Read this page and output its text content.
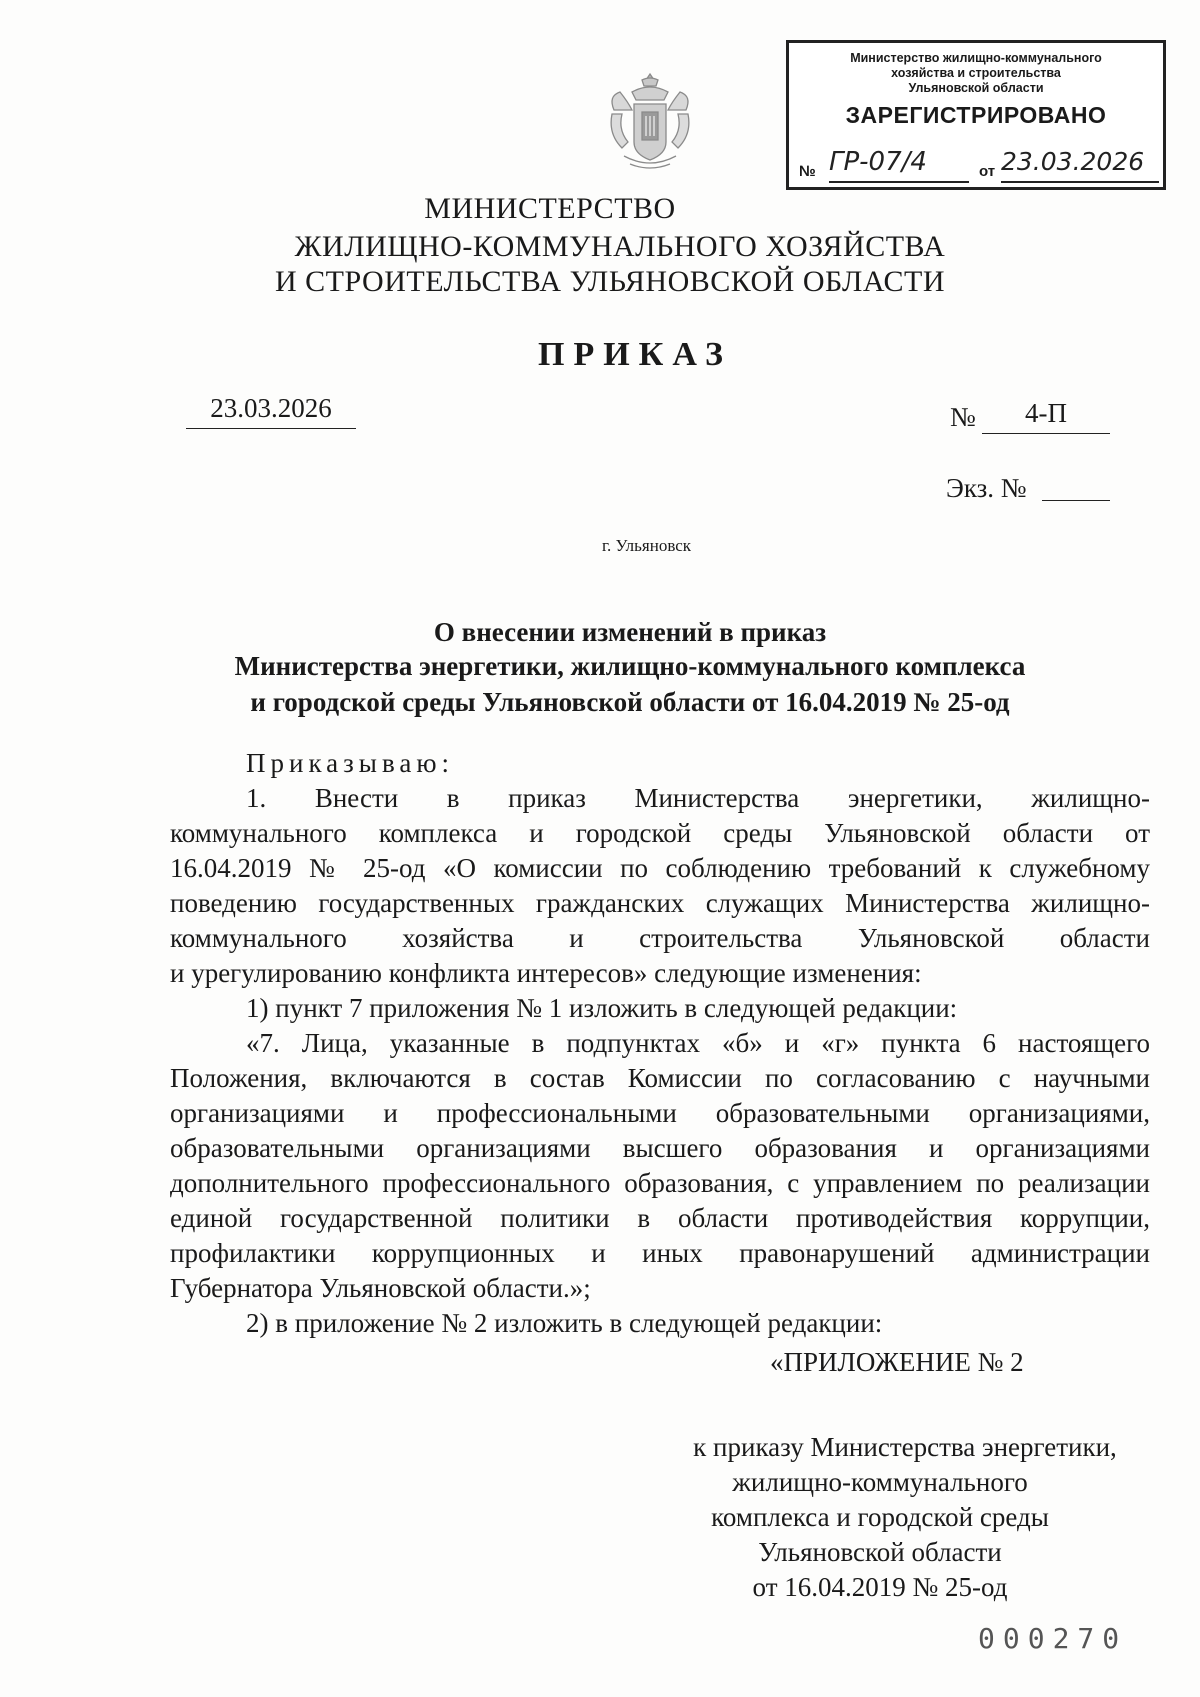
Министерство жилищно-коммунального
хозяйства и строительства
Ульяновской области
ЗАРЕГИСТРИРОВАНО
№ ГР-07/4	от 23.03.2026
МИНИСТЕРСТВО
ЖИЛИЩНО-КОММУНАЛЬНОГО ХОЗЯЙСТВА
И СТРОИТЕЛЬСТВА УЛЬЯНОВСКОЙ ОБЛАСТИ
ПРИКАЗ
23.03.2026	№	4-П
Экз. №
г. Ульяновск
О внесении изменений в приказ
Министерства энергетики, жилищно-коммунального комплекса
и городской среды Ульяновской области от 16.04.2019 № 25-од
Приказываю:
1. Внести в приказ Министерства энергетики, жилищно-
коммунального комплекса и городской среды Ульяновской области от
16.04.2019 № 25-од «О комиссии по соблюдению требований к служебному
поведению государственных гражданских служащих Министерства жилищно-
коммунального хозяйства и строительства Ульяновской области
и урегулированию конфликта интересов» следующие изменения:
1) пункт 7 приложения № 1 изложить в следующей редакции:
«7. Лица, указанные в подпунктах «б» и «г» пункта 6 настоящего
Положения, включаются в состав Комиссии по согласованию с научными
организациями и профессиональными образовательными организациями,
образовательными организациями высшего образования и организациями
дополнительного профессионального образования, с управлением по реализации
единой государственной политики в области противодействия коррупции,
профилактики коррупционных и иных правонарушений администрации
Губернатора Ульяновской области.»;
2) в приложение № 2 изложить в следующей редакции:
«ПРИЛОЖЕНИЕ № 2
к приказу Министерства энергетики,
жилищно-коммунального
комплекса и городской среды
Ульяновской области
от 16.04.2019 № 25-од
000270
